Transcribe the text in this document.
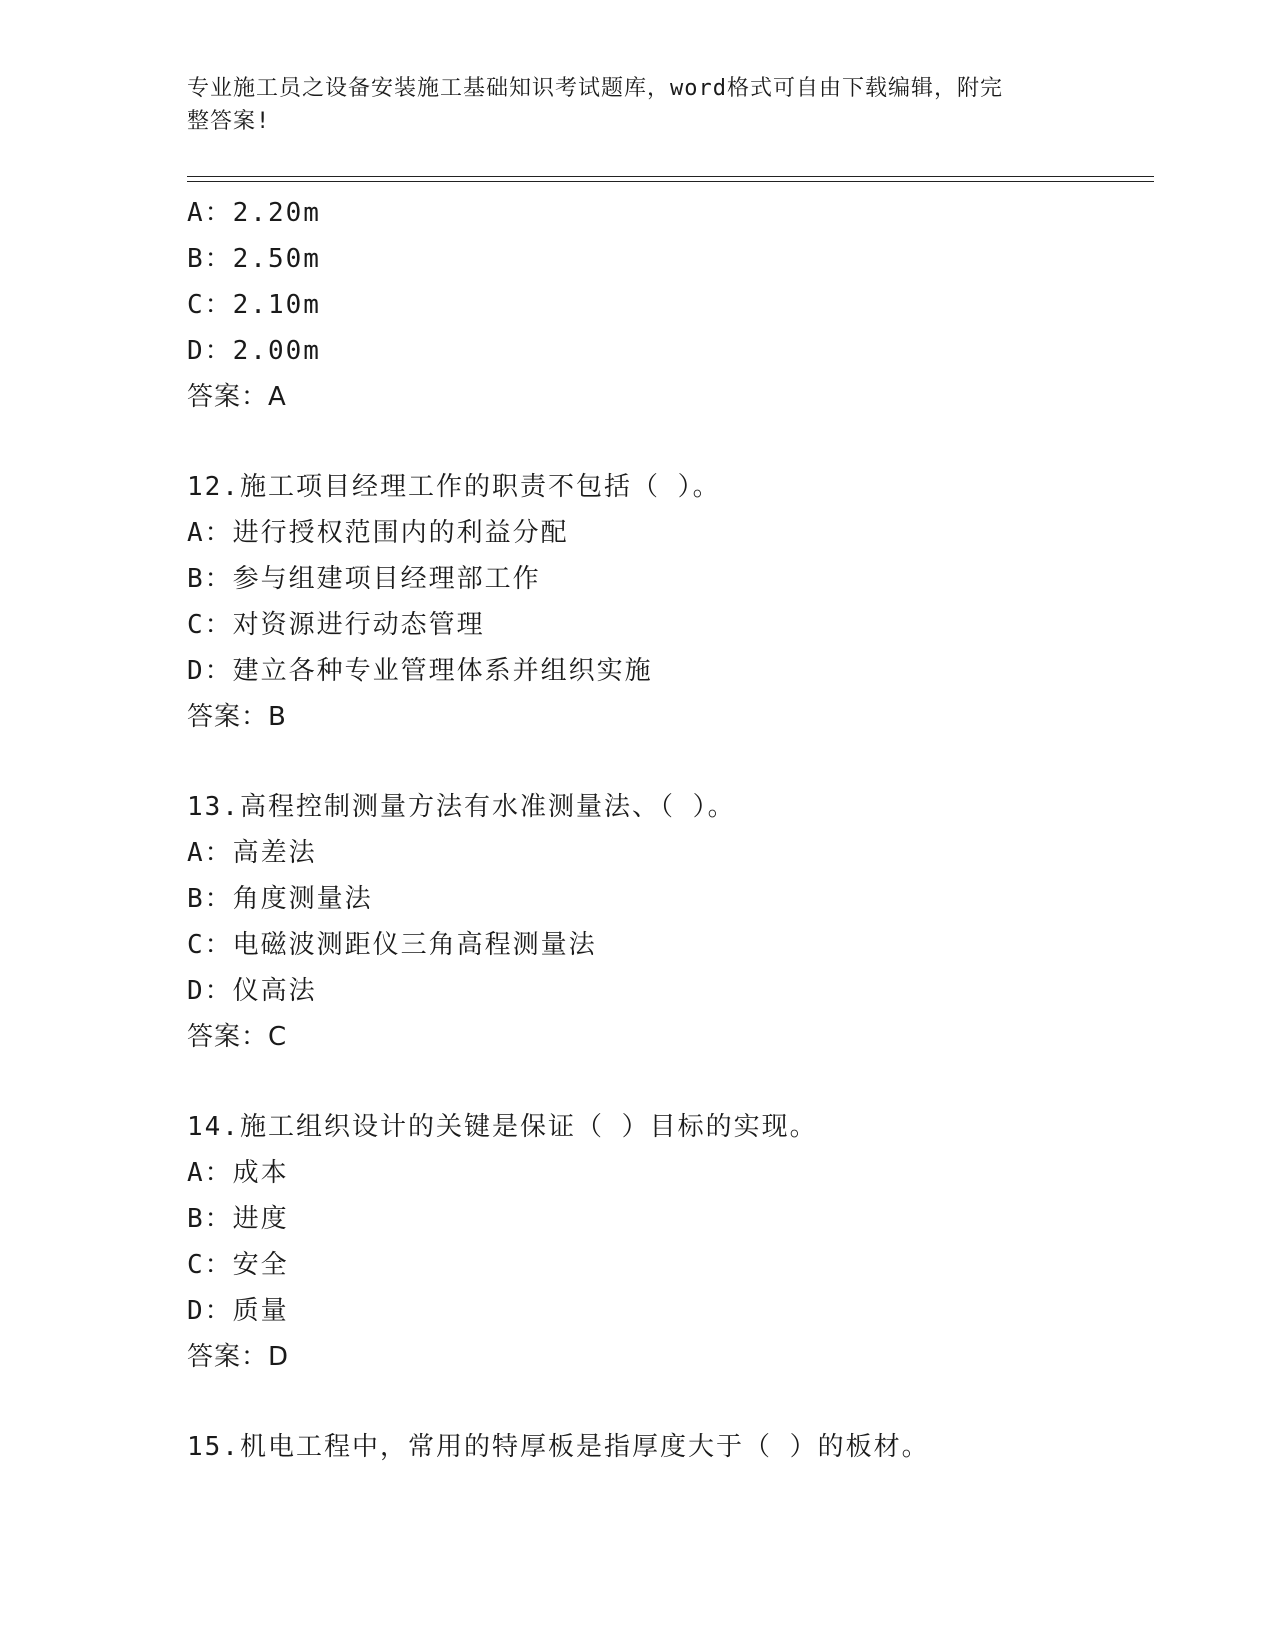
专业施工员之设备安装施工基础知识考试题库，word格式可自由下载编辑，附完
整答案!
A：2.20m
B：2.50m
C：2.10m
D：2.00m
答案：A
12.施工项目经理工作的职责不包括（ ）。
A：进行授权范围内的利益分配
B：参与组建项目经理部工作
C：对资源进行动态管理
D：建立各种专业管理体系并组织实施
答案：B
13.高程控制测量方法有水准测量法、（ ）。
A：高差法
B：角度测量法
C：电磁波测距仪三角高程测量法
D：仪高法
答案：C
14.施工组织设计的关键是保证（ ）目标的实现。
A：成本
B：进度
C：安全
D：质量
答案：D
15.机电工程中，常用的特厚板是指厚度大于（ ）的板材。
